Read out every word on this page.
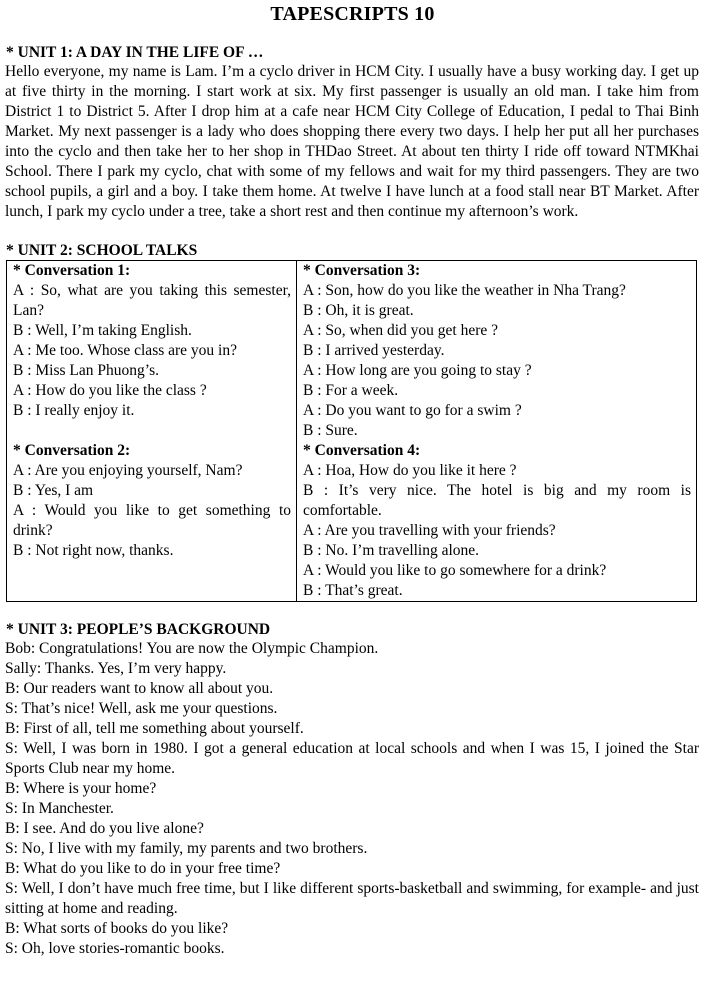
TAPESCRIPTS 10
* UNIT 1: A DAY IN THE LIFE OF …
Hello everyone, my name is Lam. I’m a cyclo driver in HCM City. I usually have a busy working day. I get up at five thirty in the morning. I start work at six. My first passenger is usually an old man. I take him from District 1 to District 5. After I drop him at a cafe near HCM City College of Education, I pedal to Thai Binh Market. My next passenger is a lady who does shopping there every two days. I help her put all her purchases into the cyclo and then take her to her shop in THDao Street. At about ten thirty I ride off toward NTMKhai School. There I park my cyclo, chat with some of my fellows and wait for my third passengers. They are two school pupils, a girl and a boy. I take them home. At twelve I have lunch at a food stall near BT Market. After lunch, I park my cyclo under a tree, take a short rest and then continue my afternoon’s work.
* UNIT 2: SCHOOL TALKS
* Conversation 1:
A : So, what are you taking this semester, Lan?
B : Well, I’m taking English.
A : Me too. Whose class are you in?
B : Miss Lan Phuong’s.
A : How do you like the class ?
B : I really enjoy it.
* Conversation 2:
A : Are you enjoying yourself, Nam?
B : Yes, I am
A : Would you like to get something to drink?
B : Not right now, thanks.

* Conversation 3:
A : Son, how do you like the weather in Nha Trang?
B : Oh, it is great.
A : So, when did you get here ?
B : I arrived yesterday.
A : How long are you going to stay ?
B : For a week.
A : Do you want to go for a swim ?
B : Sure.
* Conversation 4:
A : Hoa, How do you like it here ?
B : It’s very nice. The hotel is big and my room is comfortable.
A : Are you travelling with your friends?
B : No. I’m travelling alone.
A : Would you like to go somewhere for a drink?
B : That’s great.
* UNIT 3: PEOPLE’S BACKGROUND
Bob: Congratulations! You are now the Olympic Champion.
Sally: Thanks. Yes, I’m very happy.
B: Our readers want to know all about you.
S: That’s nice! Well, ask me your questions.
B: First of all, tell me something about yourself.
S: Well, I was born in 1980. I got a general education at local schools and when I was 15, I joined the Star Sports Club near my home.
B: Where is your home?
S: In Manchester.
B: I see. And do you live alone?
S: No, I live with my family, my parents and two brothers.
B: What do you like to do in your free time?
S: Well, I don’t have much free time, but I like different sports-basketball and swimming, for example- and just sitting at home and reading.
B: What sorts of books do you like?
S: Oh, love stories-romantic books.
